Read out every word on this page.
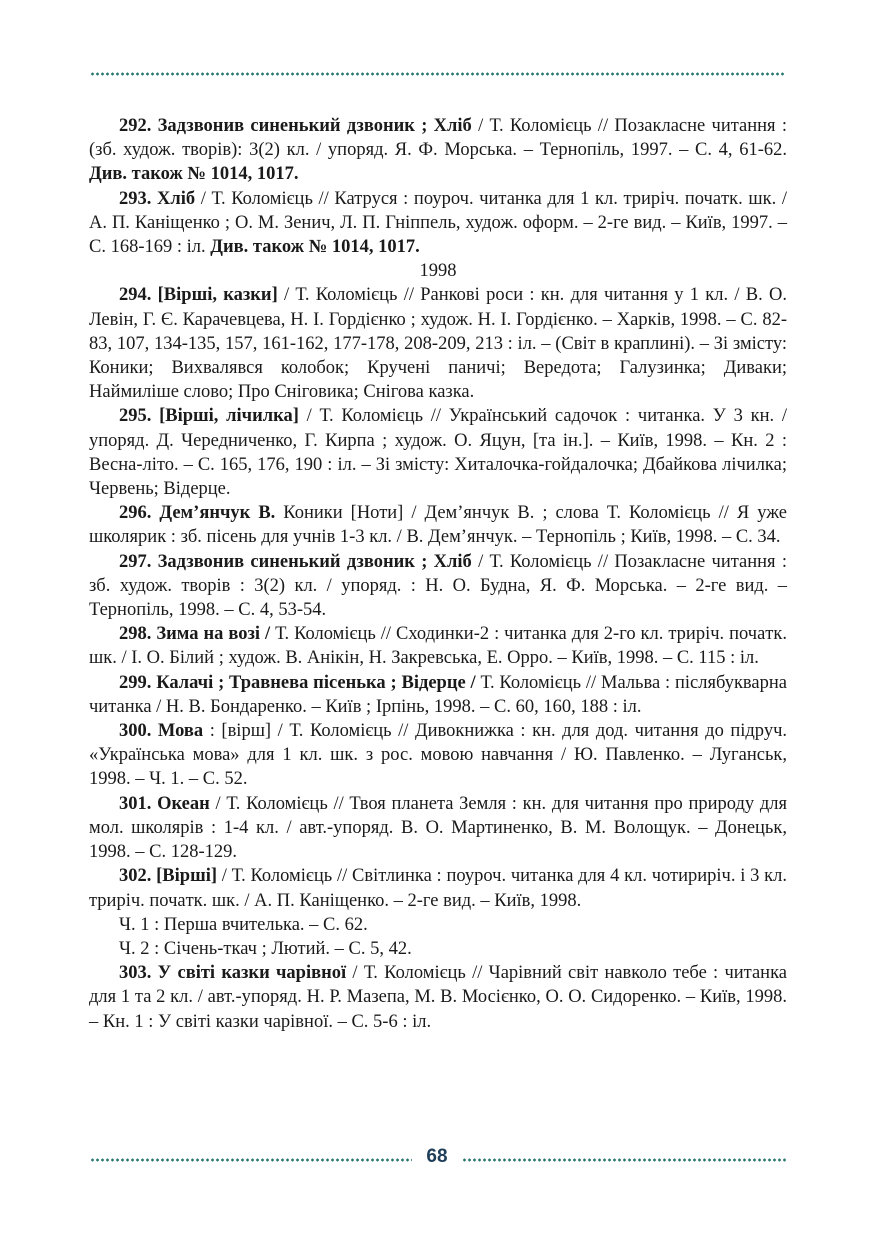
292. Задзвонив синенький дзвоник ; Хліб / Т. Коломієць // Позакласне читання : (зб. худож. творів): 3(2) кл. / упоряд. Я. Ф. Морська. – Тернопіль, 1997. – С. 4, 61-62. Див. також № 1014, 1017.

293. Хліб / Т. Коломієць // Катруся : поуроч. читанка для 1 кл. триріч. почaтк. шк. / А. П. Каніщенко ; О. М. Зенич, Л. П. Гніппель, худож. оформ. – 2-ге вид. – Київ, 1997. – С. 168-169 : іл. Див. також № 1014, 1017.

1998

294. [Вірші, казки] / Т. Коломієць // Ранкові роси : кн. для читання у 1 кл. / В. О. Левін, Г. Є. Карачевцева, Н. І. Гордієнко ; худож. Н. І. Гордієнко. – Харків, 1998. – С. 82-83, 107, 134-135, 157, 161-162, 177-178, 208-209, 213 : іл. – (Світ в краплині). – Зі змісту: Коники; Вихвалявся колобок; Кручені паничі; Вередота; Галузинка; Диваки; Наймиліше слово; Про Сніговика; Снігова казка.

295. [Вірші, лічилка] / Т. Коломієць // Український садочок : читанка. У 3 кн. / упоряд. Д. Чередниченко, Г. Кирпа ; худож. О. Яцун, [та ін.]. – Київ, 1998. – Кн. 2 : Весна-літо. – С. 165, 176, 190 : іл. – Зі змісту: Хиталочка-гойдалочка; Дбайкова лічилка; Червень; Відерце.

296. Дем’янчук В. Коники [Ноти] / Дем’янчук В. ; слова Т. Коломієць // Я уже школярик : зб. пісень для учнів 1-3 кл. / В. Дем’янчук. – Тернопіль ; Київ, 1998. – С. 34.

297. Задзвонив синенький дзвоник ; Хліб / Т. Коломієць // Позакласне читання : зб. худож. творів : 3(2) кл. / упоряд. : Н. О. Будна, Я. Ф. Морська. – 2-ге вид. – Тернопіль, 1998. – С. 4, 53-54.

298. Зима на возі / Т. Коломієць // Сходинки-2 : читанка для 2-го кл. триріч. почaтк. шк. / І. О. Білий ; худож. В. Анікін, Н. Закревська, Е. Орро. – Київ, 1998. – С. 115 : іл.

299. Калачі ; Травнева пісенька ; Відерце / Т. Коломієць // Мальва : післябукварна читанка / Н. В. Бондаренко. – Київ ; Ірпінь, 1998. – С. 60, 160, 188 : іл.

300. Мова : [вірш] / Т. Коломієць // Дивокнижка : кн. для дод. читання до підруч. «Українська мова» для 1 кл. шк. з рос. мовою навчання / Ю. Павленко. – Луганськ, 1998. – Ч. 1. – С. 52.

301. Океан / Т. Коломієць // Твоя планета Земля : кн. для читання про природу для мол. школярів : 1-4 кл. / авт.-упоряд. В. О. Мартиненко, В. М. Волощук. – Донецьк, 1998. – С. 128-129.

302. [Вірші] / Т. Коломієць // Світлинка : поуроч. читанка для 4 кл. чотириріч. і 3 кл. триріч. почaтк. шк. / А. П. Каніщенко. – 2-ге вид. – Київ, 1998.

Ч. 1 : Перша вчителька. – С. 62.

Ч. 2 : Січень-ткач ; Лютий. – С. 5, 42.

303. У світі казки чарівної / Т. Коломієць // Чарівний світ навколо тебе : читанка для 1 та 2 кл. / авт.-упоряд. Н. Р. Мазепа, М. В. Мосієнко, О. О. Сидоренко. – Київ, 1998. – Кн. 1 : У світі казки чарівної. – С. 5-6 : іл.

68
